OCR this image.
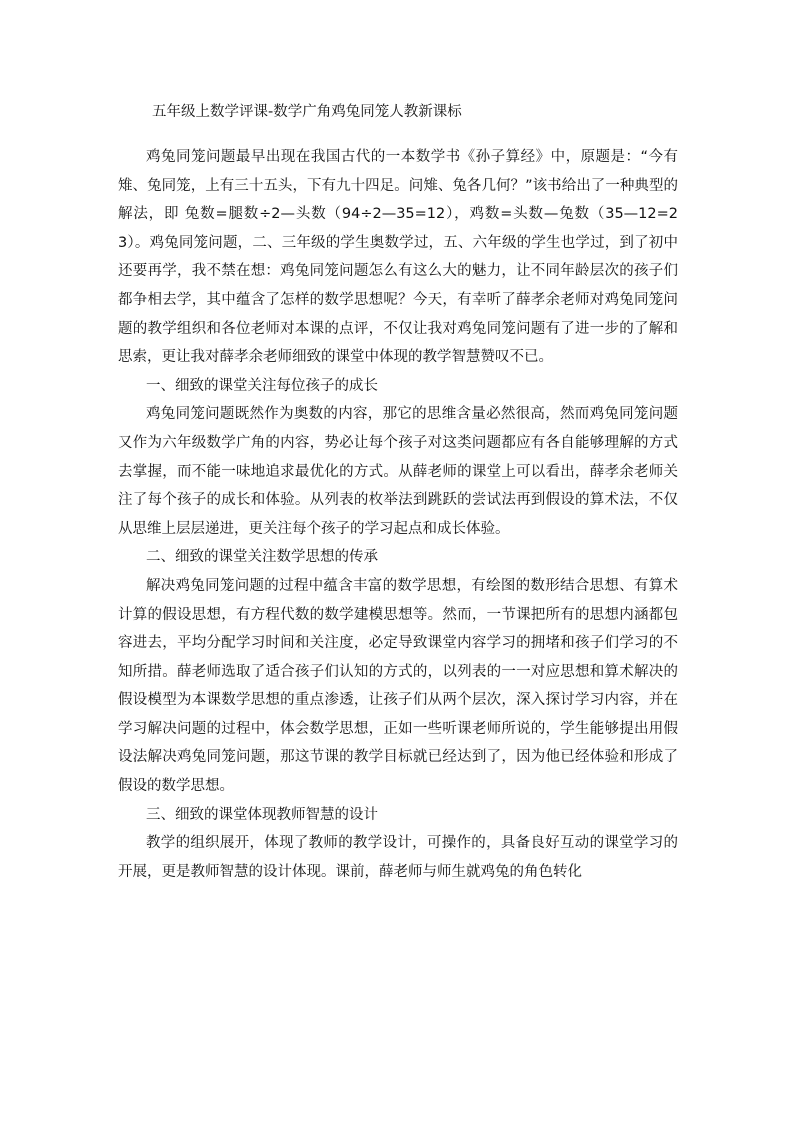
五年级上数学评课-数学广角鸡兔同笼人教新课标

鸡兔同笼问题最早出现在我国古代的一本数学书《孙子算经》中，原题是：“今有雉、兔同笼，上有三十五头，下有九十四足。问雉、兔各几何？”该书给出了一种典型的解法，即 兔数=腿数÷2—头数（94÷2—35=12），鸡数=头数—兔数（35—12=23）。鸡兔同笼问题，二、三年级的学生奥数学过，五、六年级的学生也学过，到了初中还要再学，我不禁在想：鸡兔同笼问题怎么有这么大的魅力，让不同年龄层次的孩子们都争相去学，其中蕴含了怎样的数学思想呢？今天，有幸听了薛孝余老师对鸡兔同笼问题的教学组织和各位老师对本课的点评，不仅让我对鸡兔同笼问题有了进一步的了解和思索，更让我对薛孝余老师细致的课堂中体现的教学智慧赞叹不已。

一、细致的课堂关注每位孩子的成长

鸡兔同笼问题既然作为奥数的内容，那它的思维含量必然很高，然而鸡兔同笼问题又作为六年级数学广角的内容，势必让每个孩子对这类问题都应有各自能够理解的方式去掌握，而不能一味地追求最优化的方式。从薛老师的课堂上可以看出，薛孝余老师关注了每个孩子的成长和体验。从列表的枚举法到跳跃的尝试法再到假设的算术法，不仅从思维上层层递进，更关注每个孩子的学习起点和成长体验。

二、细致的课堂关注数学思想的传承

解决鸡兔同笼问题的过程中蕴含丰富的数学思想，有绘图的数形结合思想、有算术计算的假设思想，有方程代数的数学建模思想等。然而，一节课把所有的思想内涵都包容进去，平均分配学习时间和关注度，必定导致课堂内容学习的拥堵和孩子们学习的不知所措。薛老师选取了适合孩子们认知的方式的，以列表的一一对应思想和算术解决的假设模型为本课数学思想的重点渗透，让孩子们从两个层次，深入探讨学习内容，并在学习解决问题的过程中，体会数学思想，正如一些听课老师所说的，学生能够提出用假设法解决鸡兔同笼问题，那这节课的教学目标就已经达到了，因为他已经体验和形成了假设的数学思想。

三、细致的课堂体现教师智慧的设计

教学的组织展开，体现了教师的教学设计，可操作的，具备良好互动的课堂学习的开展，更是教师智慧的设计体现。课前，薛老师与师生就鸡兔的角色转化
